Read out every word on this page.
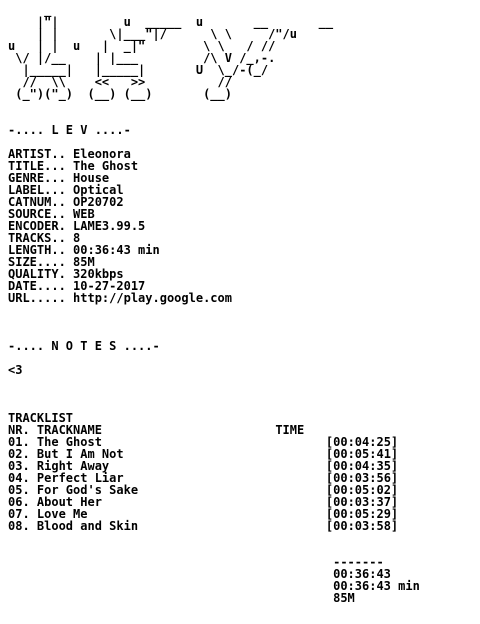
_
|"|         u  _____  u       __       __
| |       \|___"|/      \ \     /"/u
u   | |  u   |  _|"        \ \   / //
\/ |/__    | |___         /\ V /_,-.
|_____|   |_____|       U  \_/-(_/
//  \\    <<   >>          //
(_")("_)  (__) (__)       (__)

-.... L E V ....-

ARTIST.. Eleonora
TITLE... The Ghost
GENRE... House
LABEL... Optical
CATNUM.. OP20702
SOURCE.. WEB
ENCODER. LAME3.99.5
TRACKS.. 8
LENGTH.. 00:36:43 min
SIZE.... 85M
QUALITY. 320kbps
DATE.... 10-27-2017
URL..... http://play.google.com

-.... N O T E S ....-

<3

TRACKLIST
NR. TRACKNAME	TIME
01. The Ghost	[00:04:25]
02. But I Am Not	[00:05:41]
03. Right Away	[00:04:35]
04. Perfect Liar	[00:03:56]
05. For God's Sake	[00:05:02]
06. About Her	[00:03:37]
07. Love Me	[00:05:29]
08. Blood and Skin	[00:03:58]

-------
00:36:43
00:36:43 min
85M
